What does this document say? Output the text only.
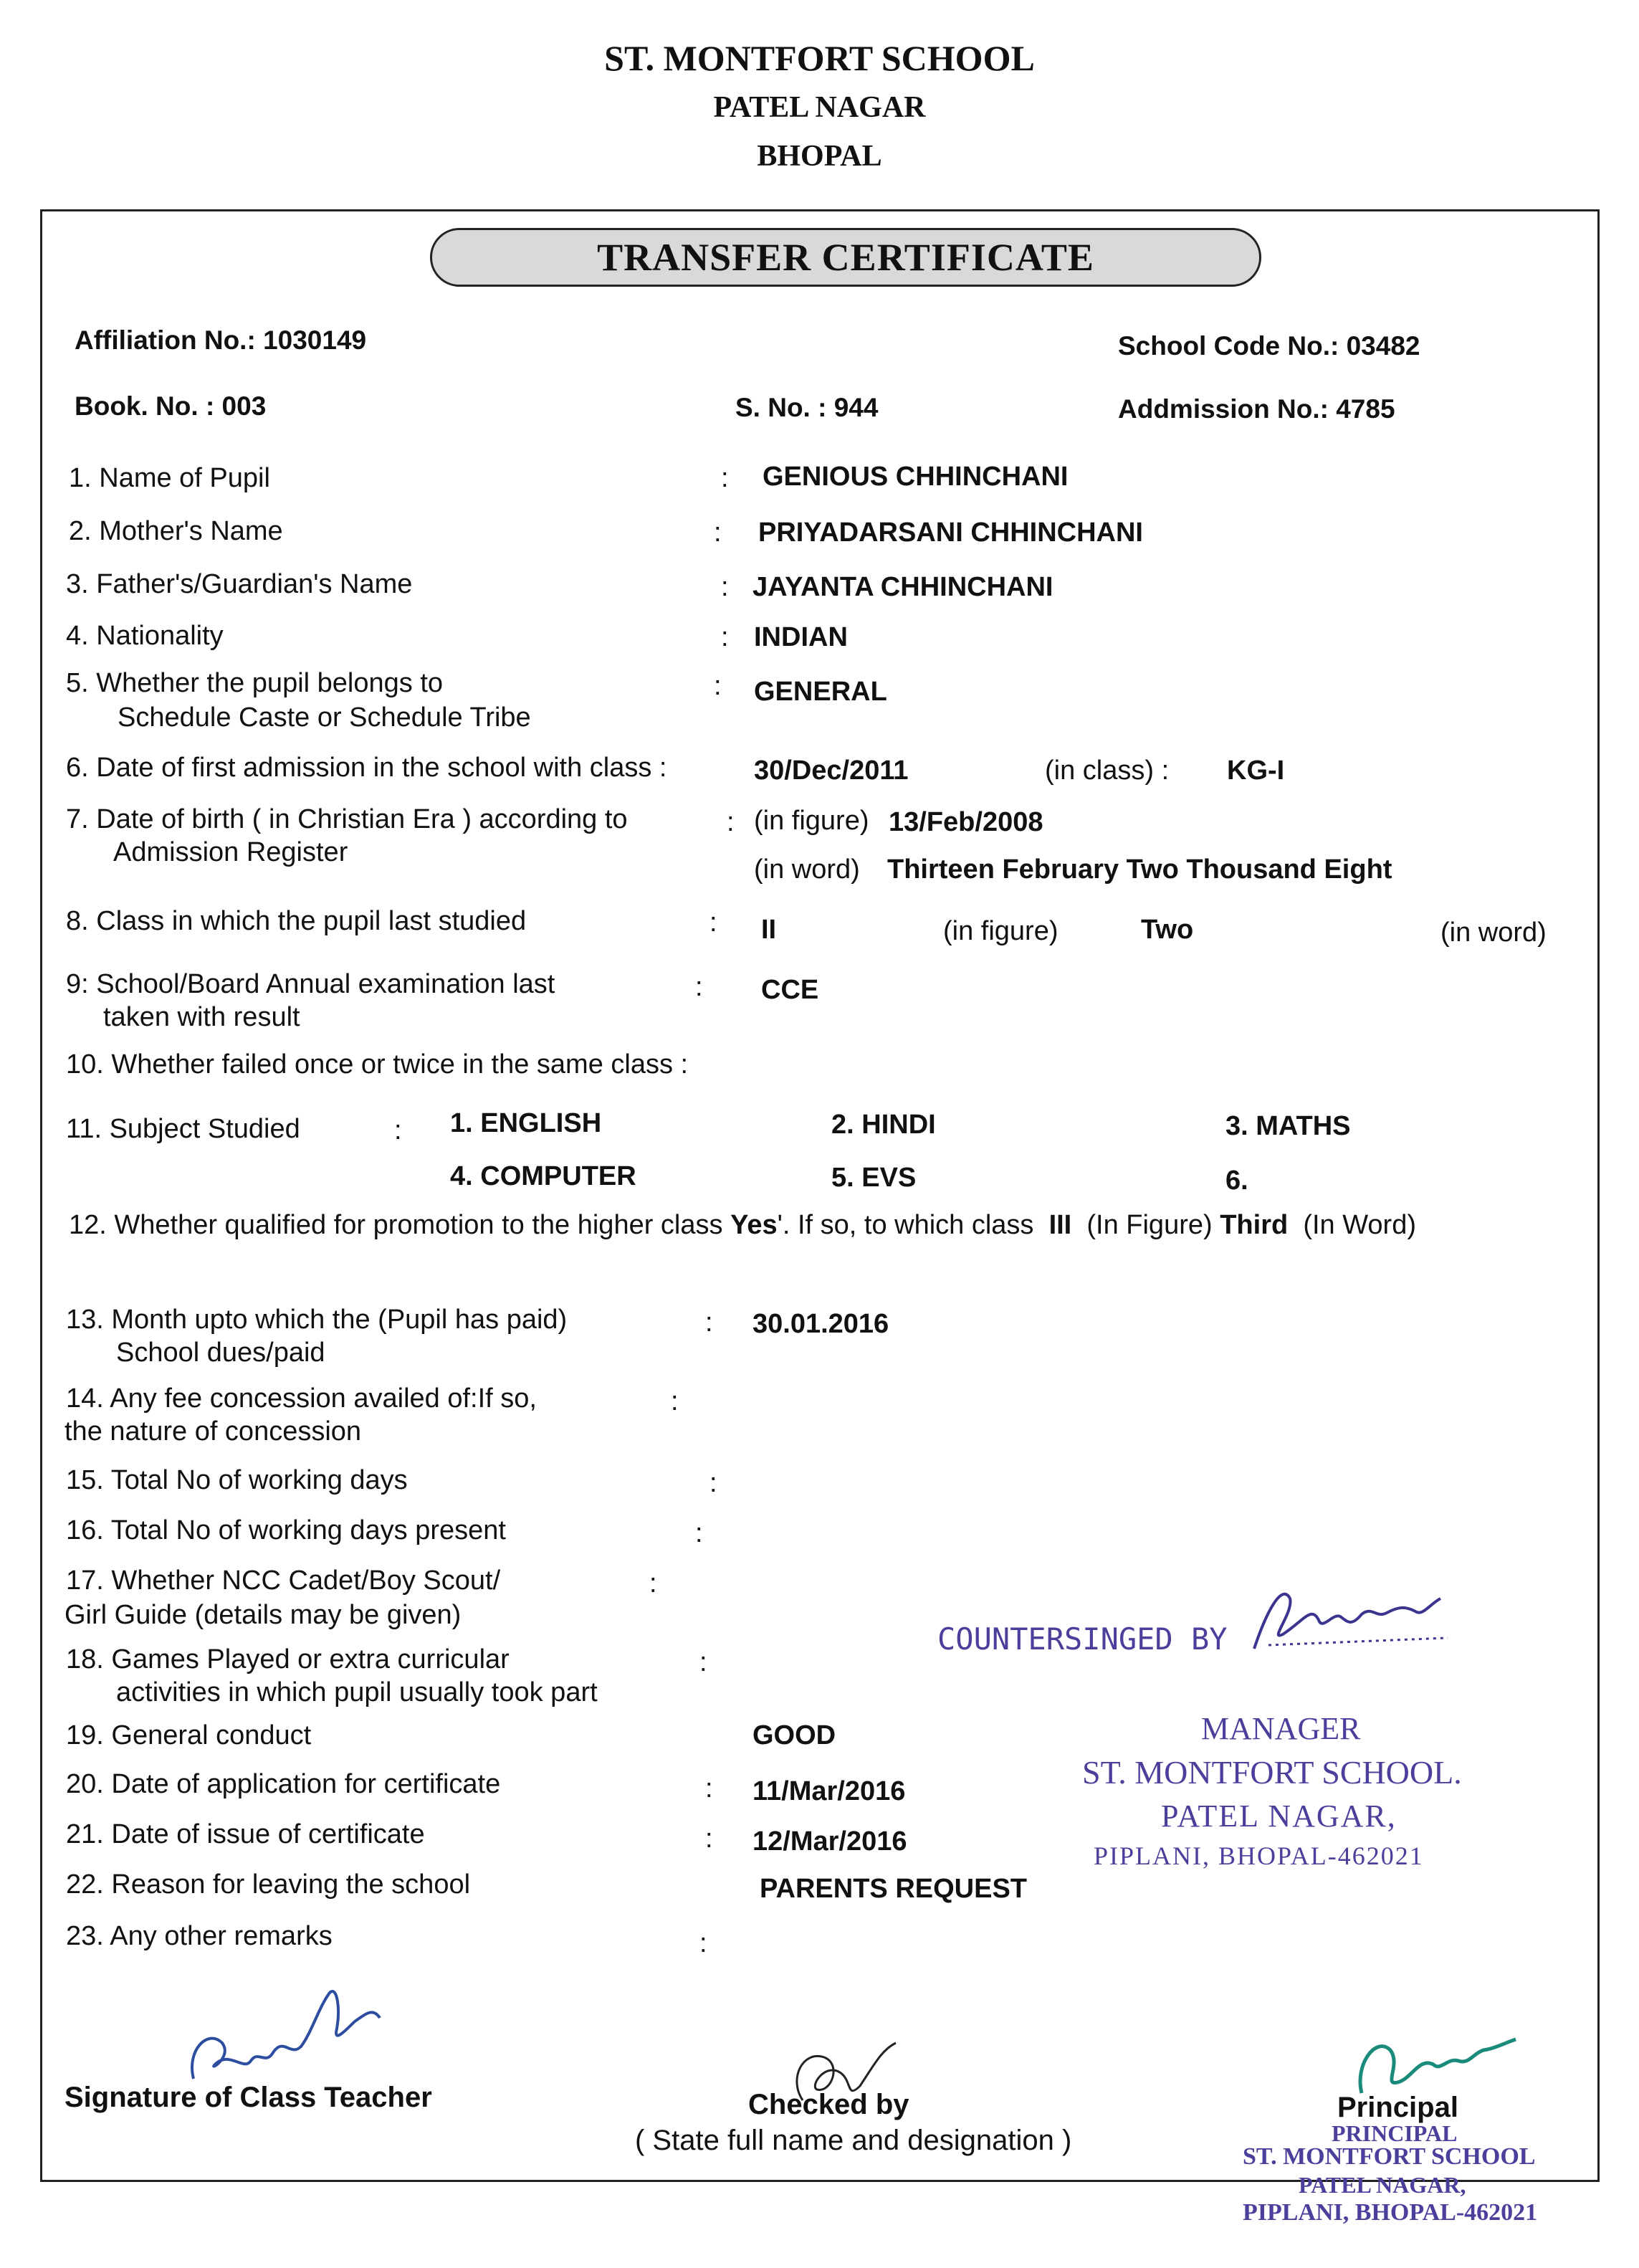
ST. MONTFORT SCHOOL
PATEL NAGAR
BHOPAL
TRANSFER CERTIFICATE
Affiliation No.: 1030149	School Code No.: 03482
Book. No. : 003	S. No. : 944	Addmission No.: 4785
1. Name of Pupil	: GENIOUS CHHINCHANI
2. Mother's Name	: PRIYADARSANI CHHINCHANI
3. Father's/Guardian's Name	: JAYANTA CHHINCHANI
4. Nationality	: INDIAN
5. Whether the pupil belongs to
Schedule Caste or Schedule Tribe
: GENERAL
6. Date of first admission in the school with class :	30/Dec/2011	(in class) : KG-I
7. Date of birth ( in Christian Era ) according to
Admission Register
: (in figure) 13/Feb/2008
(in word) Thirteen February Two Thousand Eight
8. Class in which the pupil last studied	: II	(in figure)	Two	(in word)
9: School/Board Annual examination last
taken with result
: CCE
10. Whether failed once or twice in the same class :
11. Subject Studied	: 1. ENGLISH	2. HINDI	3. MATHS
4. COMPUTER	5. EVS	6.
12. Whether qualified for promotion to the higher class Yes'. If so, to which class III (In Figure) Third (In Word)
13. Month upto which the (Pupil has paid)
School dues/paid
: 30.01.2016
14. Any fee concession availed of:If so,
the nature of concession
:
15. Total No of working days	:
16. Total No of working days present	:
17. Whether NCC Cadet/Boy Scout/
Girl Guide (details may be given)
:
18. Games Played or extra curricular
activities in which pupil usually took part
:
19. General conduct	GOOD
20. Date of application for certificate	: 11/Mar/2016
21. Date of issue of certificate	: 12/Mar/2016
22. Reason for leaving the school	PARENTS REQUEST
23. Any other remarks	:
COUNTERSINGED BY
MANAGER
ST. MONTFORT SCHOOL.
PATEL NAGAR,
PIPLANI, BHOPAL-462021
Signature of Class Teacher	Checked by
( State full name and designation )
Principal
PRINCIPAL
ST. MONTFORT SCHOOL
PATEL NAGAR,
PIPLANI, BHOPAL-462021
